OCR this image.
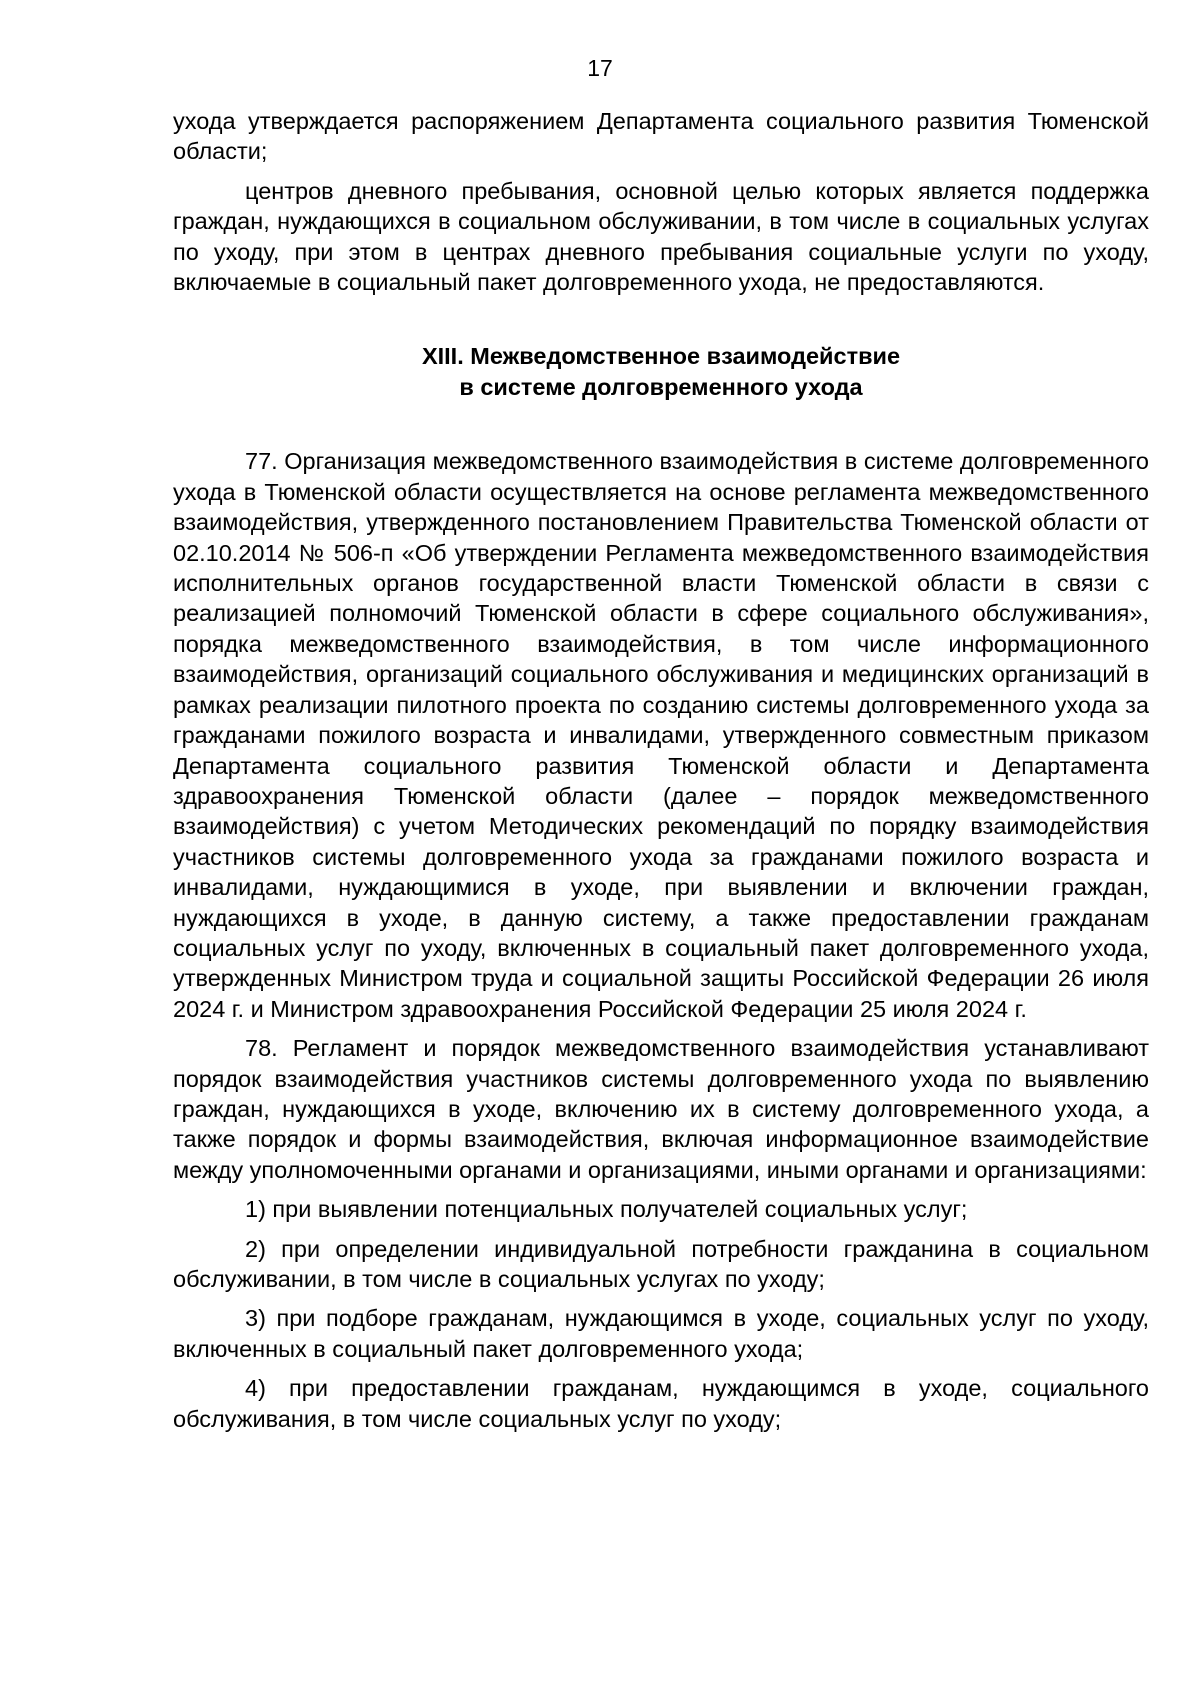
17

ухода утверждается распоряжением Департамента социального развития Тюменской области;

центров дневного пребывания, основной целью которых является поддержка граждан, нуждающихся в социальном обслуживании, в том числе в социальных услугах по уходу, при этом в центрах дневного пребывания социальные услуги по уходу, включаемые в социальный пакет долговременного ухода, не предоставляются.

XIII. Межведомственное взаимодействие
в системе долговременного ухода

77. Организация межведомственного взаимодействия в системе долговременного ухода в Тюменской области осуществляется на основе регламента межведомственного взаимодействия, утвержденного постановлением Правительства Тюменской области от 02.10.2014 № 506-п «Об утверждении Регламента межведомственного взаимодействия исполнительных органов государственной власти Тюменской области в связи с реализацией полномочий Тюменской области в сфере социального обслуживания», порядка межведомственного взаимодействия, в том числе информационного взаимодействия, организаций социального обслуживания и медицинских организаций в рамках реализации пилотного проекта по созданию системы долговременного ухода за гражданами пожилого возраста и инвалидами, утвержденного совместным приказом Департамента социального развития Тюменской области и Департамента здравоохранения Тюменской области (далее – порядок межведомственного взаимодействия) с учетом Методических рекомендаций по порядку взаимодействия участников системы долговременного ухода за гражданами пожилого возраста и инвалидами, нуждающимися в уходе, при выявлении и включении граждан, нуждающихся в уходе, в данную систему, а также предоставлении гражданам социальных услуг по уходу, включенных в социальный пакет долговременного ухода, утвержденных Министром труда и социальной защиты Российской Федерации 26 июля 2024 г. и Министром здравоохранения Российской Федерации 25 июля 2024 г.

78. Регламент и порядок межведомственного взаимодействия устанавливают порядок взаимодействия участников системы долговременного ухода по выявлению граждан, нуждающихся в уходе, включению их в систему долговременного ухода, а также порядок и формы взаимодействия, включая информационное взаимодействие между уполномоченными органами и организациями, иными органами и организациями:

1) при выявлении потенциальных получателей социальных услуг;

2) при определении индивидуальной потребности гражданина в социальном обслуживании, в том числе в социальных услугах по уходу;

3) при подборе гражданам, нуждающимся в уходе, социальных услуг по уходу, включенных в социальный пакет долговременного ухода;

4) при предоставлении гражданам, нуждающимся в уходе, социального обслуживания, в том числе социальных услуг по уходу;
